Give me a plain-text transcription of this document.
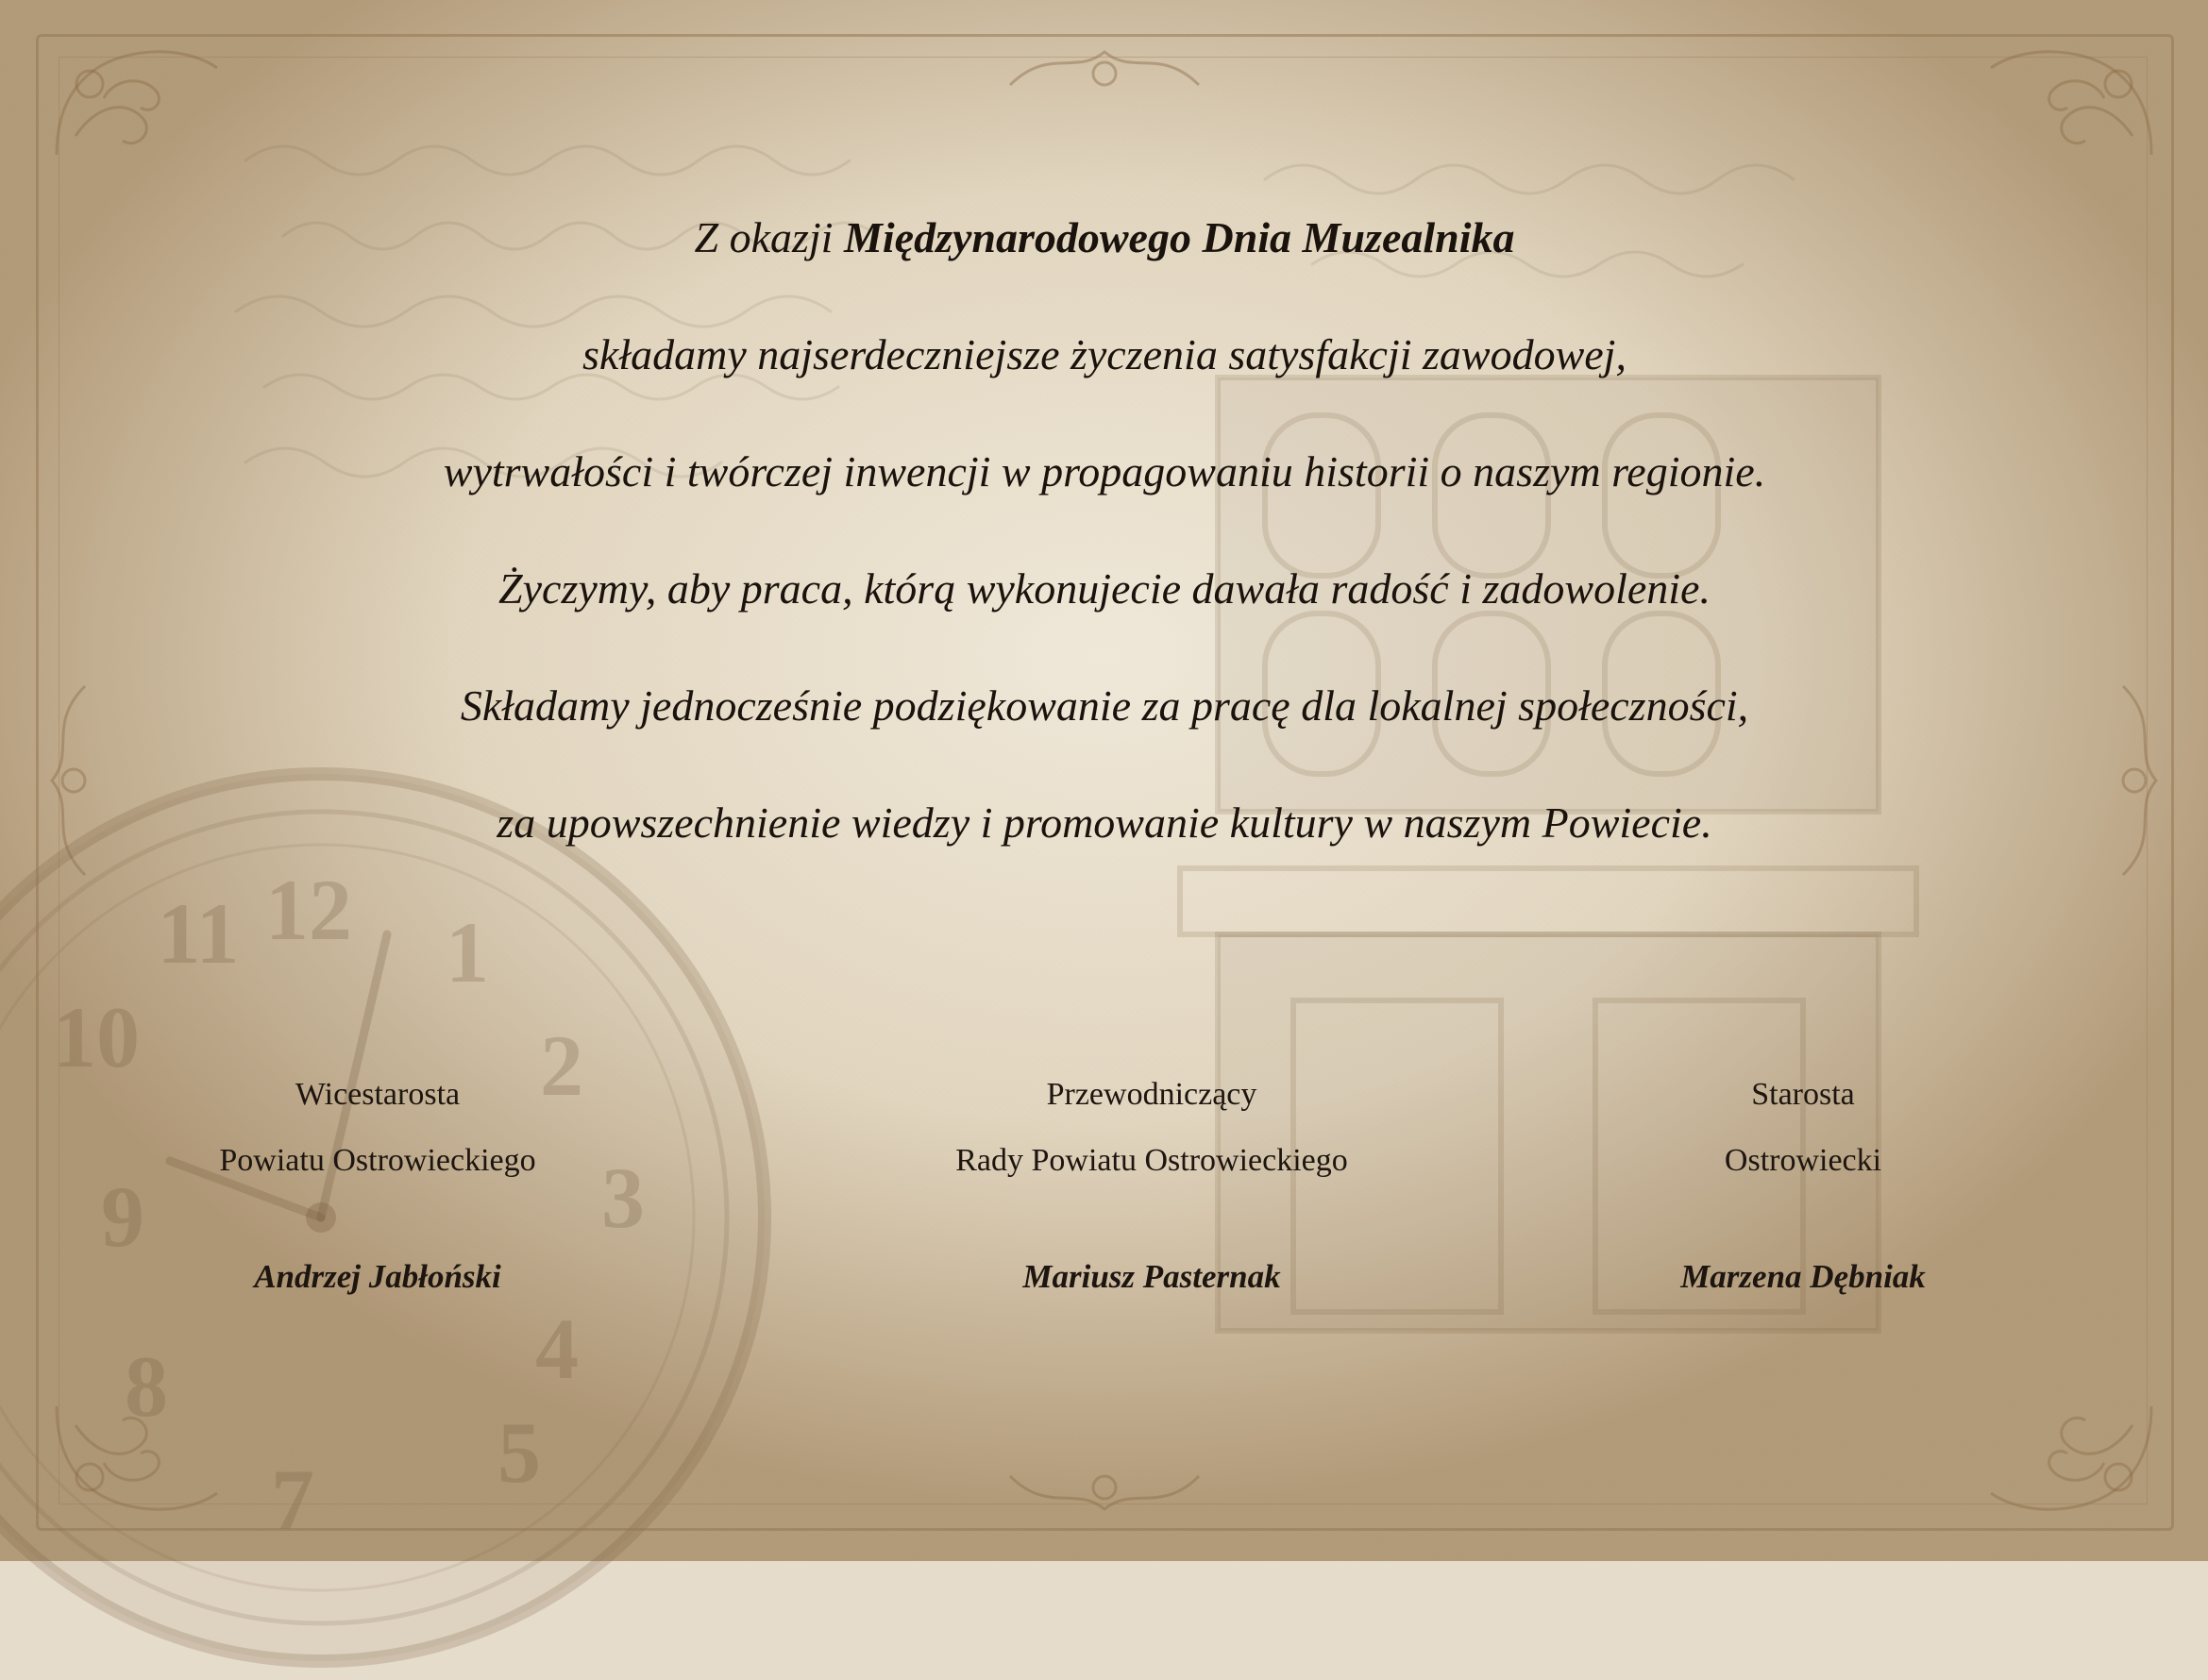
12 1
2
3
4
5
7
8
9
10
11
Z okazji Międzynarodowego Dnia Muzealnika
składamy najserdeczniejsze życzenia satysfakcji zawodowej,
wytrwałości i twórczej inwencji w propagowaniu historii o naszym regionie.
Życzymy, aby praca, którą wykonujecie dawała radość i zadowolenie.
Składamy jednocześnie podziękowanie za pracę dla lokalnej społeczności,
za upowszechnienie wiedzy i promowanie kultury w naszym Powiecie.
Wicestarosta
Powiatu Ostrowieckiego
Andrzej Jabłoński
Przewodniczący
Rady Powiatu Ostrowieckiego
Mariusz Pasternak
Starosta
Ostrowiecki
Marzena Dębniak
